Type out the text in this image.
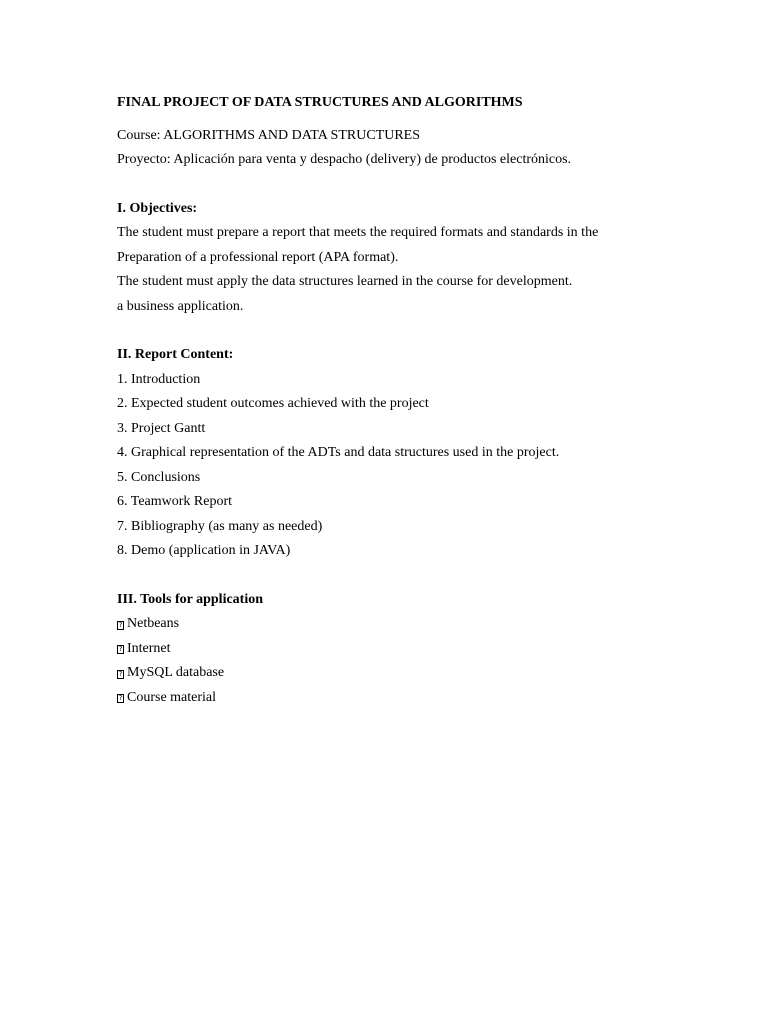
FINAL PROJECT OF DATA STRUCTURES AND ALGORITHMS
Course: ALGORITHMS AND DATA STRUCTURES
Proyecto: Aplicación para venta y despacho (delivery) de productos electrónicos.
I. Objectives:
The student must prepare a report that meets the required formats and standards in the
Preparation of a professional report (APA format).
The student must apply the data structures learned in the course for development.
a business application.
II. Report Content:
1. Introduction
2. Expected student outcomes achieved with the project
3. Project Gantt
4. Graphical representation of the ADTs and data structures used in the project.
5. Conclusions
6. Teamwork Report
7. Bibliography (as many as needed)
8. Demo (application in JAVA)
III. Tools for application
? Netbeans
? Internet
? MySQL database
? Course material
